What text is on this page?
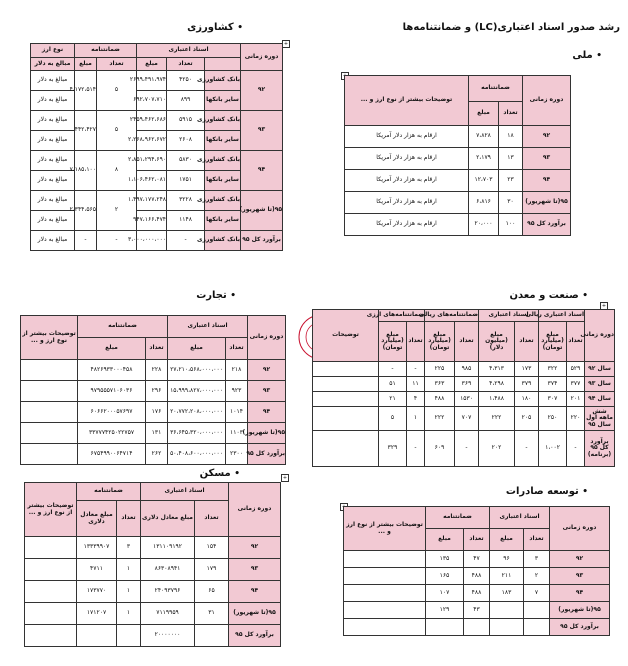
رشد صدور اسناد اعتباری(LC) و ضمانتنامه‌ها
• ملی
• کشاورزی
• تجارت	• صنعت و معدن
• مسکن
• توسعه صادرات
+
دوره زمانی	اسناد اعتباری			ضمانتنامه		نوع ارز
		تعداد	مبلغ	تعداد	مبلغ	مبالغ به دلار
۹۲	بانک کشاورزی	۴۲۵۰	۲۶۹۹،۴۹۱،۹۷۴	۵	۴،۱۷۲،۵۱۴	مبالغ به دلار
	سایر بانکها	۸۹۹	۶۹۲،۷۰۷،۷۱۰			مبالغ به دلار
۹۳	بانک کشاورزی	۵۹۱۵	۲۴۵۹،۴۶۲،۶۸۶	۵	۴۴۲،۴۲۷	مبالغ به دلار
	سایر بانکها	۲۶۰۸	۲،۲۶۸،۹۶۲،۶۷۲			مبالغ به دلار
۹۴	بانک کشاورزی	۵۸۳۰	۲،۸۵۱،۲۹۴،۶۹۰	۸	۷،۱۸۵،۱۰۰	مبالغ به دلار
	سایر بانکها	۱۷۵۱	۱،۱۰۶،۴۶۲،۰۸۱			مبالغ به دلار
۹۵(تا شهریور)	بانک کشاورزی	۳۲۲۸	۱،۴۹۷،۱۷۷،۲۴۸	۲	۲،۳۴۴،۵۶۵	مبالغ به دلار
	سایر بانکها	۱۱۴۸	۹۴۷،۱۶۶،۴۷۴			مبالغ به دلار
برآورد کل ۹۵	بانک کشاورزی	-	۳،۰۰۰،۰۰۰،۰۰۰	-	-	مبالغ به دلار
دوره زمانی	ضمانتنامه		توضیحات بیشتر از نوع ارز و ...
	تعداد	مبلغ	
۹۲	۱۸	۷،۸۲۸	ارقام به هزار دلار آمریکا
۹۳	۱۳	۲،۱۷۹	ارقام به هزار دلار آمریکا
۹۴	۲۳	۱۲،۷۰۳	ارقام به هزار دلار آمریکا
۹۵(تا شهریور)	۳۰	۶،۸۱۶	ارقام به هزار دلار آمریکا
برآورد کل ۹۵	۱۰۰	۲۰،۰۰۰	ارقام به هزار دلار آمریکا
دوره زمانی	اسناد اعتباری		ضمانتنامه		توضیحات بیشتر از نوع ارز و ...
	تعداد	مبلغ	تعداد	مبلغ	
۹۲	۲۱۸	۲۷،۲۱۰،۵۶۸،۰۰۰،۰۰۰	۲۲۸	۴۸۲۶۹۳۳۰۰۰۴۵۸	
۹۳	۹۲۳	۱۵،۹۹۹،۸۲۷،۰۰۰،۰۰۰	۲۹۶	۹۷۹۵۵۵۷۱۰۶۰۳۶	
۹۴	۱۰۱۴	۲۰،۷۷۲،۲۰۸،۰۰۰،۰۰۰	۱۷۶	۶۰۶۶۲۰۰۰۵۷۶۹۷	
۹۵(تا شهریور)	۱۱۰۳	۳۶،۶۴۵،۳۲۰،۰۰۰،۰۰۰	۱۳۱	۳۳۷۷۷۴۲۵۰۲۲۷۵۷	
برآورد کل ۹۵	۲۳۰۰	۵۰،۴۰۸،۶۰۰،۰۰۰،۰۰۰	۲۶۲	۶۷۵۴۹۹۰۰۶۴۷۱۴	
+
دوره زمانی	اسناد اعتباری ریالی		اسناد اعتباری		ضمانتنامه‌های ریالی		ضمانتنامه‌های ارزی		توضیحات
	تعداد	مبلغ (میلیارد تومان)	تعداد	مبلغ (میلیون دلار)	تعداد	مبلغ (میلیارد تومان)	تعداد	مبلغ (میلیارد تومان)	
سال ۹۲	۵۲۹	۳۲۲	۱۷۳	۴،۳۱۳	۹۸۵	۲۲۵	-	-	
سال ۹۳	۳۷۷	۳۷۴	۳۷۹	۴،۲۹۸	۳۶۹	۳۶۳	۱۱	۵۱	
سال ۹۴	۲۰۱	۳۰۷	۱۸۰	۱،۴۸۸	۱۵۳۰	۴۸۸	۴	۲۱	
شش ماهه اول سال ۹۵	۲۲۰	۲۵۰	۲۰۵	۲۲۲	۷۰۷	۲۲۲	۱	۵	
برآورد کل ۹۵ (برنامه)	-	۱،۰۰۲	-	۲۰۲	-	۶۰۹	-	۳۲۹	
+
دوره زمانی	اسناد اعتباری		ضمانتنامه		توضیحات بیشتر از نوع ارز و ...
	تعداد	مبلغ معادل دلاری	تعداد	مبلغ معادل دلاری	
۹۲	۱۵۴	۱۳۱۱۰۹۱۹۲	۳	۱۳۳۳۹۹۰۷	
۹۳	۱۷۹	۸۶۳۰۸۹۴۱	۱	۴۷۱۱	
۹۴	۶۵	۲۴۰۹۳۷۹۶	۱	۱۷۳۷۷۰	
۹۵(تا شهریور)	۳۱	۷۱۱۹۹۵۹	۱	۱۷۱۲۰۷	
برآورد کل ۹۵		۲۰۰۰۰۰۰۰			
دوره زمانی	اسناد اعتباری		ضمانتنامه		توضیحات بیشتر از نوع ارز و ...
	تعداد	مبلغ	تعداد	مبلغ	
۹۲	۳	۹۶	۴۷	۱۳۵	
۹۳	۲	۲۱۱	۴۸۸	۱۶۵	
۹۴	۷	۱۸۳	۴۸۸	۱۰۷	
۹۵(تا شهریور)			۴۳	۱۲۹	
برآورد کل ۹۵					
